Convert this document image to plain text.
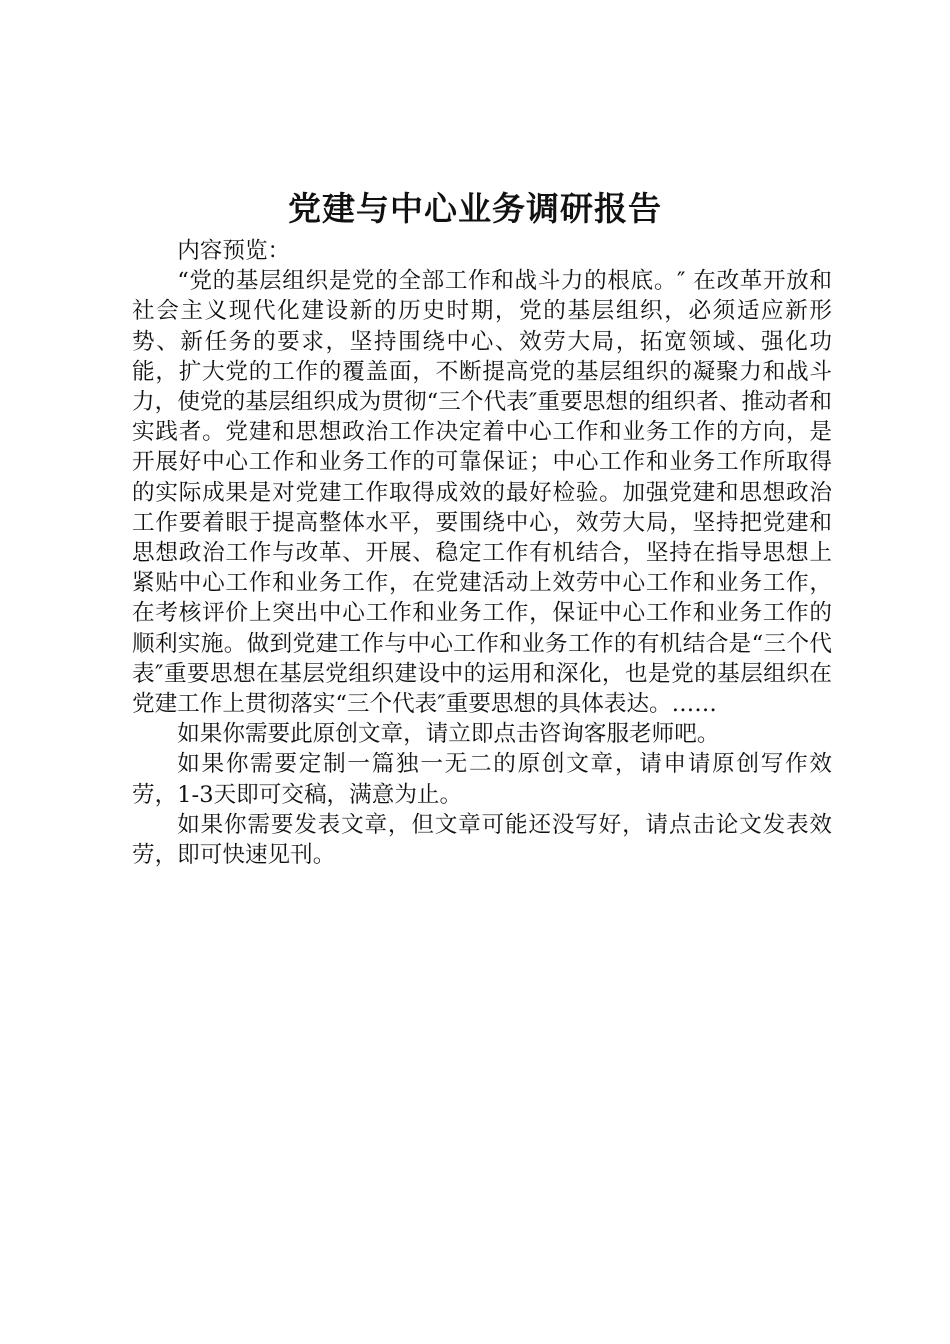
党建与中心业务调研报告

内容预览：

“党的基层组织是党的全部工作和战斗力的根底。″ 在改革开放和社会主义现代化建设新的历史时期，党的基层组织，必须适应新形势、新任务的要求，坚持围绕中心、效劳大局，拓宽领域、强化功能，扩大党的工作的覆盖面，不断提高党的基层组织的凝聚力和战斗力，使党的基层组织成为贯彻“三个代表″重要思想的组织者、推动者和实践者。党建和思想政治工作决定着中心工作和业务工作的方向，是开展好中心工作和业务工作的可靠保证；中心工作和业务工作所取得的实际成果是对党建工作取得成效的最好检验。加强党建和思想政治工作要着眼于提高整体水平，要围绕中心，效劳大局，坚持把党建和思想政治工作与改革、开展、稳定工作有机结合，坚持在指导思想上紧贴中心工作和业务工作，在党建活动上效劳中心工作和业务工作，在考核评价上突出中心工作和业务工作，保证中心工作和业务工作的顺利实施。做到党建工作与中心工作和业务工作的有机结合是“三个代表″重要思想在基层党组织建设中的运用和深化，也是党的基层组织在党建工作上贯彻落实“三个代表″重要思想的具体表达。……

如果你需要此原创文章，请立即点击咨询客服老师吧。

如果你需要定制一篇独一无二的原创文章，请申请原创写作效劳，1-3天即可交稿，满意为止。

如果你需要发表文章，但文章可能还没写好，请点击论文发表效劳，即可快速见刊。
